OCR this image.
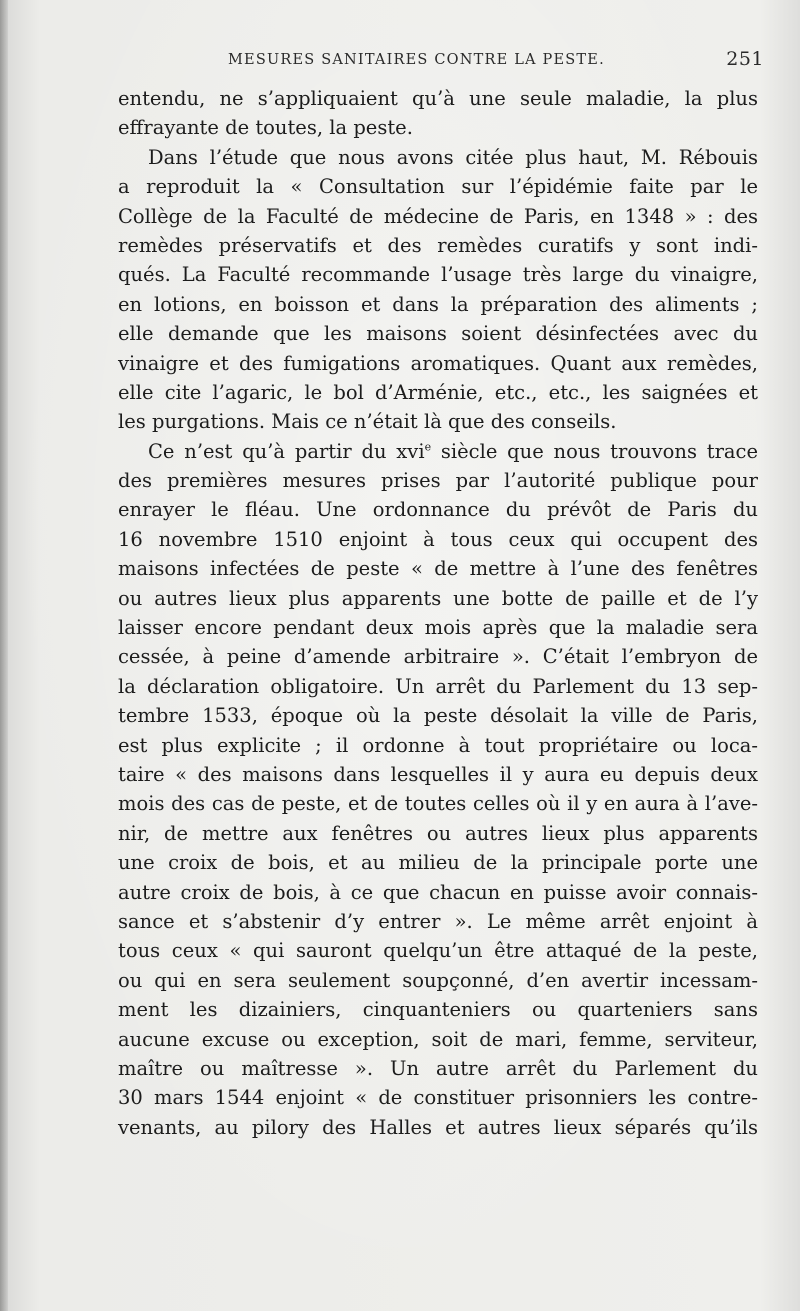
MESURES SANITAIRES CONTRE LA PESTE.	251
entendu, ne s’appliquaient qu’à une seule maladie, la plus
effrayante de toutes, la peste.
Dans l’étude que nous avons citée plus haut, M. Rébouis
a reproduit la « Consultation sur l’épidémie faite par le
Collège de la Faculté de médecine de Paris, en 1348 » : des
remèdes préservatifs et des remèdes curatifs y sont indi-
qués. La Faculté recommande l’usage très large du vinaigre,
en lotions, en boisson et dans la préparation des aliments ;
elle demande que les maisons soient désinfectées avec du
vinaigre et des fumigations aromatiques. Quant aux remèdes,
elle cite l’agaric, le bol d’Arménie, etc., etc., les saignées et
les purgations. Mais ce n’était là que des conseils.
Ce n’est qu’à partir du xvi$^e$ siècle que nous trouvons trace
des premières mesures prises par l’autorité publique pour
enrayer le fléau. Une ordonnance du prévôt de Paris du
16 novembre 1510 enjoint à tous ceux qui occupent des
maisons infectées de peste « de mettre à l’une des fenêtres
ou autres lieux plus apparents une botte de paille et de l’y
laisser encore pendant deux mois après que la maladie sera
cessée, à peine d’amende arbitraire ». C’était l’embryon de
la déclaration obligatoire. Un arrêt du Parlement du 13 sep-
tembre 1533, époque où la peste désolait la ville de Paris,
est plus explicite ; il ordonne à tout propriétaire ou loca-
taire « des maisons dans lesquelles il y aura eu depuis deux
mois des cas de peste, et de toutes celles où il y en aura à l’ave-
nir, de mettre aux fenêtres ou autres lieux plus apparents
une croix de bois, et au milieu de la principale porte une
autre croix de bois, à ce que chacun en puisse avoir connais-
sance et s’abstenir d’y entrer ». Le même arrêt enjoint à
tous ceux « qui sauront quelqu’un être attaqué de la peste,
ou qui en sera seulement soupçonné, d’en avertir incessam-
ment les dizainiers, cinquanteniers ou quarteniers sans
aucune excuse ou exception, soit de mari, femme, serviteur,
maître ou maîtresse ». Un autre arrêt du Parlement du
30 mars 1544 enjoint « de constituer prisonniers les contre-
venants, au pilory des Halles et autres lieux séparés qu’ils
